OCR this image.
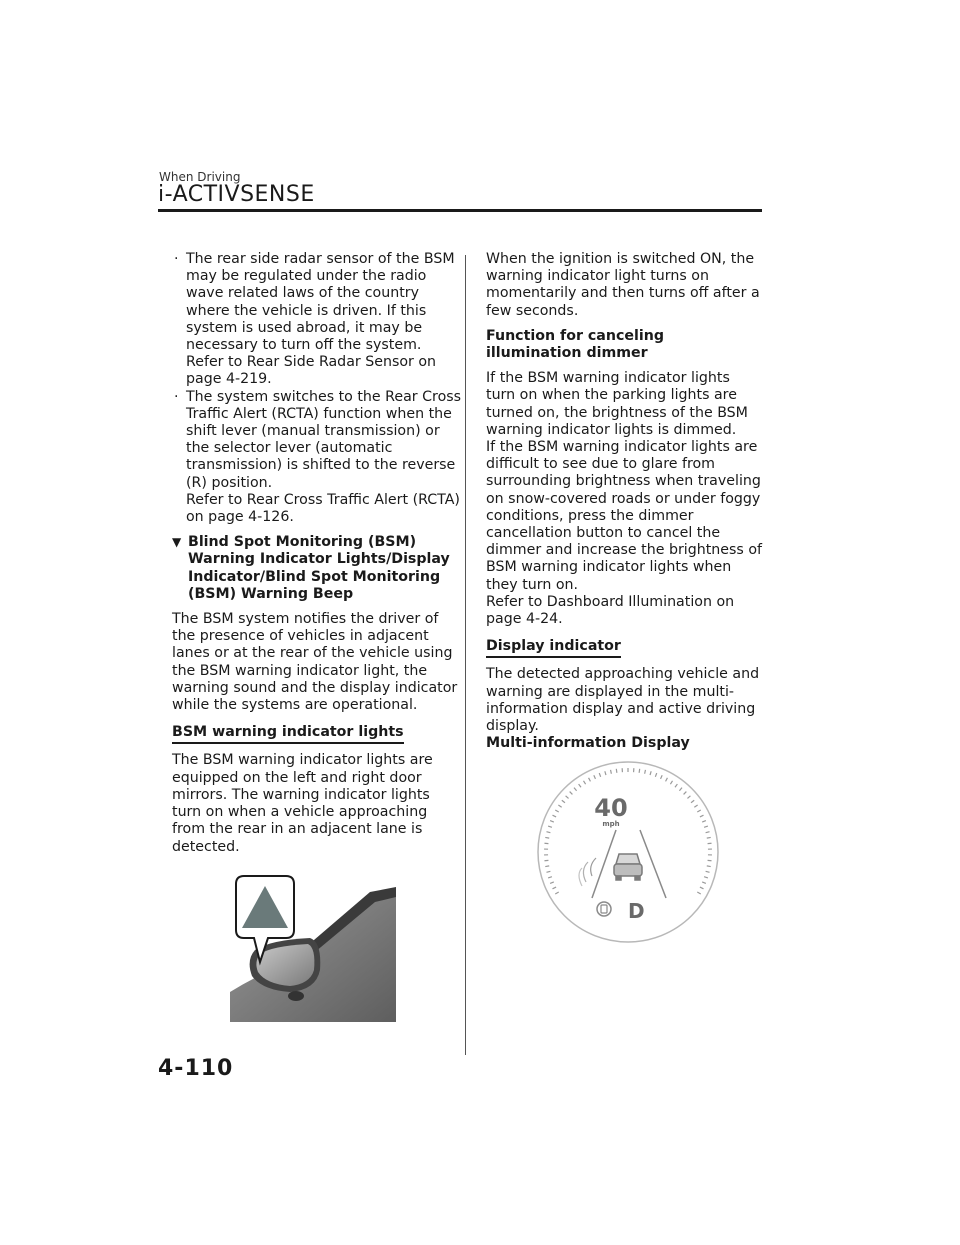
When Driving
i-ACTIVSENSE
· The rear side radar sensor of the BSM may be regulated under the radio wave related laws of the country where the vehicle is driven. If this system is used abroad, it may be necessary to turn off the system.
Refer to Rear Side Radar Sensor on page 4-219.
· The system switches to the Rear Cross Traffic Alert (RCTA) function when the shift lever (manual transmission) or the selector lever (automatic transmission) is shifted to the reverse (R) position.
Refer to Rear Cross Traffic Alert (RCTA) on page 4-126.
▼ Blind Spot Monitoring (BSM) Warning Indicator Lights/Display Indicator/Blind Spot Monitoring (BSM) Warning Beep

The BSM system notifies the driver of the presence of vehicles in adjacent lanes or at the rear of the vehicle using the BSM warning indicator light, the warning sound and the display indicator while the systems are operational.

BSM warning indicator lights

The BSM warning indicator lights are equipped on the left and right door mirrors. The warning indicator lights turn on when a vehicle approaching from the rear in an adjacent lane is detected.

When the ignition is switched ON, the warning indicator light turns on momentarily and then turns off after a few seconds.

Function for canceling illumination dimmer

If the BSM warning indicator lights turn on when the parking lights are turned on, the brightness of the BSM warning indicator lights is dimmed.
If the BSM warning indicator lights are difficult to see due to glare from surrounding brightness when traveling on snow-covered roads or under foggy conditions, press the dimmer cancellation button to cancel the dimmer and increase the brightness of BSM warning indicator lights when they turn on.

Refer to Dashboard Illumination on page 4-24.

Display indicator
The detected approaching vehicle and warning are displayed in the multi-information display and active driving display.
Multi-information Display
40
mph
D
4-110
